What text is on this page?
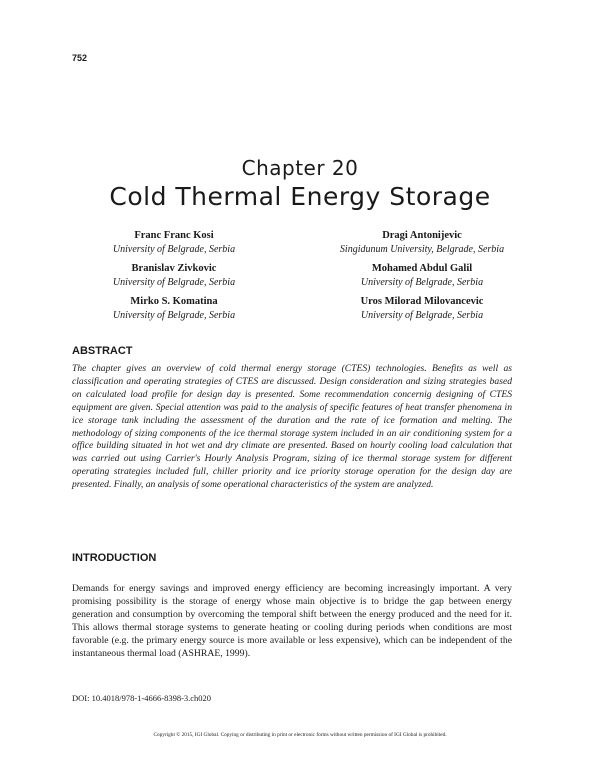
752
Chapter 20
Cold Thermal Energy Storage
Franc Franc Kosi
University of Belgrade, Serbia
Dragi Antonijevic
Singidunum University, Belgrade, Serbia
Branislav Zivkovic
University of Belgrade, Serbia
Mohamed Abdul Galil
University of Belgrade, Serbia
Mirko S. Komatina
University of Belgrade, Serbia
Uros Milorad Milovancevic
University of Belgrade, Serbia
ABSTRACT
The chapter gives an overview of cold thermal energy storage (CTES) technologies. Benefits as well as classification and operating strategies of CTES are discussed. Design consideration and sizing strategies based on calculated load profile for design day is presented. Some recommendation concernig designing of CTES equipment are given. Special attention was paid to the analysis of specific features of heat transfer phenomena in ice storage tank including the assessment of the duration and the rate of ice formation and melting. The methodology of sizing components of the ice thermal storage system included in an air conditioning system for a office building situated in hot wet and dry climate are presented. Based on hourly cooling load calculation that was carried out using Carrier's Hourly Analysis Program, sizing of ice thermal storage system for different operating strategies included full, chiller priority and ice priority storage operation for the design day are presented. Finally, an analysis of some operational characteristics of the system are analyzed.
INTRODUCTION
Demands for energy savings and improved energy efficiency are becoming increasingly important. A very promising possibility is the storage of energy whose main objective is to bridge the gap between energy generation and consumption by overcoming the temporal shift between the energy produced and the need for it. This allows thermal storage systems to generate heating or cooling during periods when conditions are most favorable (e.g. the primary energy source is more available or less expensive), which can be independent of the instantaneous thermal load (ASHRAE, 1999).
DOI: 10.4018/978-1-4666-8398-3.ch020
Copyright © 2015, IGI Global. Copying or distributing in print or electronic forms without written permission of IGI Global is prohibited.
